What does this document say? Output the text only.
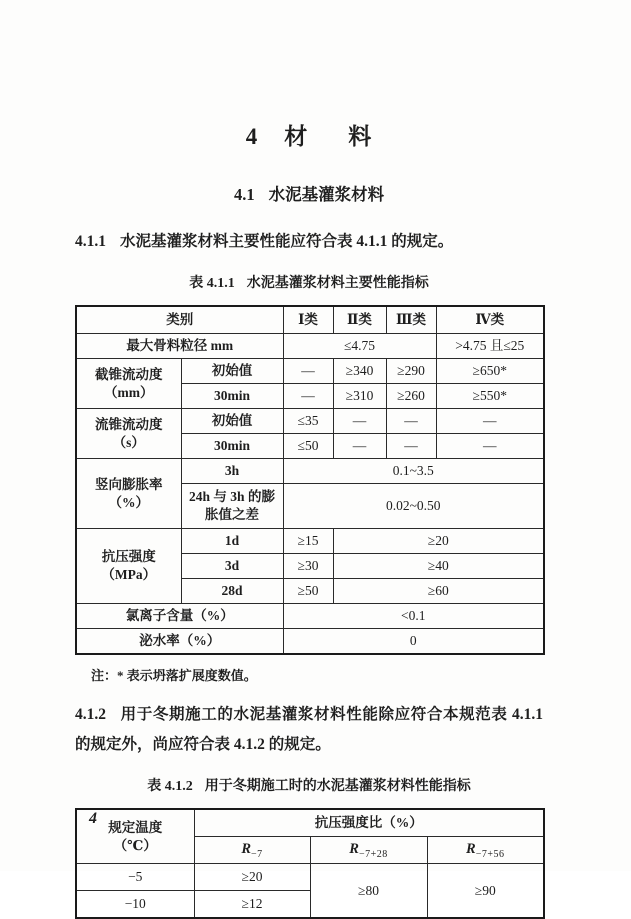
4 材 料
4.1 水泥基灌浆材料

4.1.1 水泥基灌浆材料主要性能应符合表 4.1.1 的规定。

表 4.1.1 水泥基灌浆材料主要性能指标
类别		Ⅰ类	Ⅱ类	Ⅲ类	Ⅳ类
最大骨料粒径 mm		≤4.75			>4.75 且≤25

截锥流动度
（mm）	初始值	—	≥340	≥290	≥650*
	30min	—	≥310	≥260	≥550*

流锥流动度
（s）	初始值	≤35	—	—	—
	30min	≤50	—	—	—

竖向膨胀率
（%）	3h	0.1~3.5			
	24h 与 3h 的膨胀值之差	0.02~0.50			

抗压强度
（MPa）	1d	≥15	≥20		
	3d	≥30	≥40		
	28d	≥50	≥60		
氯离子含量（%）		<0.1			
泌水率（%）		0			

注：* 表示坍落扩展度数值。

4.1.2 用于冬期施工的水泥基灌浆材料性能除应符合本规范表 4.1.1 的规定外，尚应符合表 4.1.2 的规定。

表 4.1.2 用于冬期施工时的水泥基灌浆材料性能指标
规定温度
（℃）	抗压强度比（%）		
	$R_{-7}$	$R_{-7+28}$	$R_{-7+56}$
−5	≥20	≥80	≥90
−10	≥12		
4
